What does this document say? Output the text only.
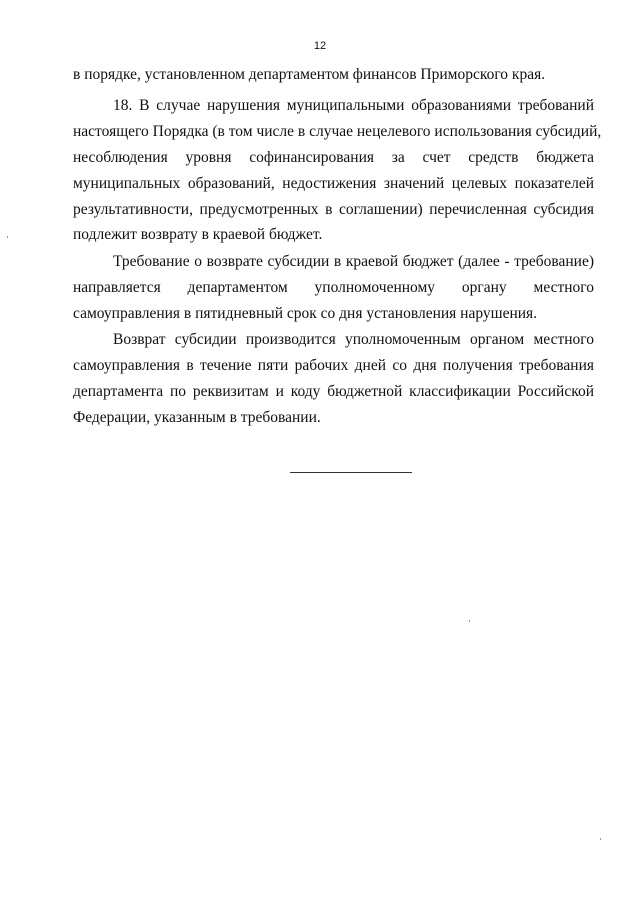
12
в порядке, установленном департаментом финансов Приморского края.
18. В случае нарушения муниципальными образованиями требований
настоящего Порядка (в том числе в случае нецелевого использования субсидий,
несоблюдения уровня софинансирования за счет средств бюджета
муниципальных образований, недостижения значений целевых показателей
результативности, предусмотренных в соглашении) перечисленная субсидия
подлежит возврату в краевой бюджет.
Требование о возврате субсидии в краевой бюджет (далее - требование)
направляется департаментом уполномоченному органу местного
самоуправления в пятидневный срок со дня установления нарушения.
Возврат субсидии производится уполномоченным органом местного
самоуправления в течение пяти рабочих дней со дня получения требования
департамента по реквизитам и коду бюджетной классификации Российской
Федерации, указанным в требовании.
